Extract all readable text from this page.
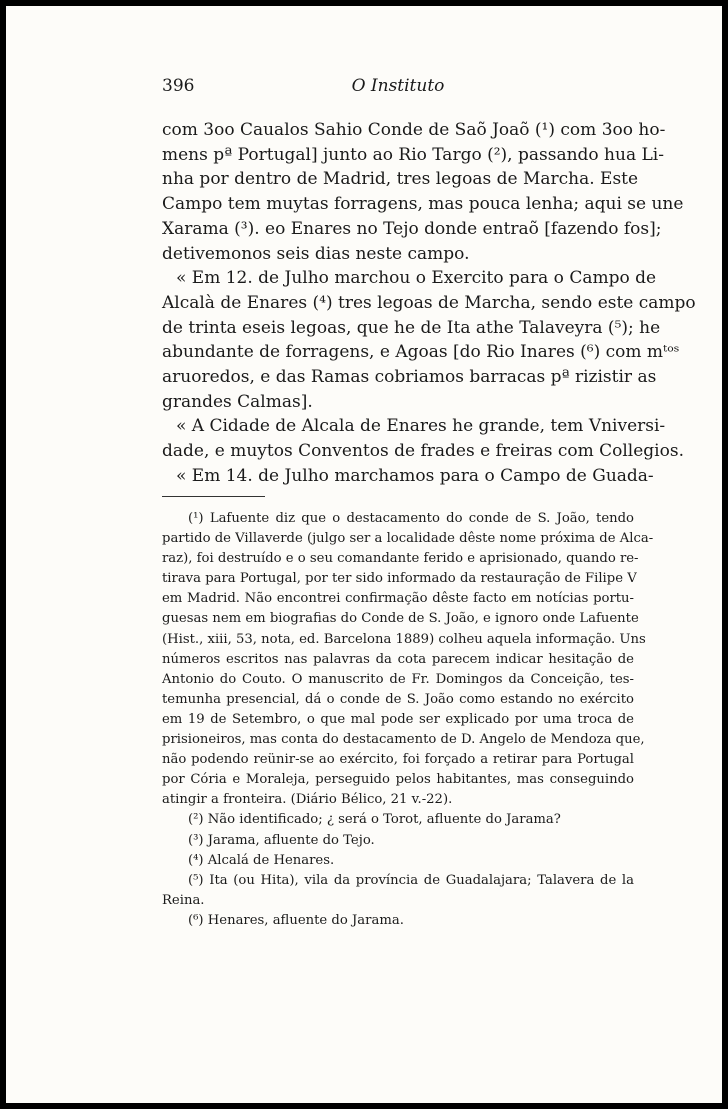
396	O Instituto
com 3oo Caualos Sahio Conde de Saõ Joaõ (¹) com 3oo ho-
mens pª Portugal] junto ao Rio Targo (²), passando hua Li-
nha por dentro de Madrid, tres legoas de Marcha. Este
Campo tem muytas forragens, mas pouca lenha; aqui se une
Xarama (³). eo Enares no Tejo donde entraõ [fazendo fos];
detivemonos seis dias neste campo.
« Em 12. de Julho marchou o Exercito para o Campo de
Alcalà de Enares (⁴) tres legoas de Marcha, sendo este campo
de trinta eseis legoas, que he de Ita athe Talaveyra (⁵); he
abundante de forragens, e Agoas [do Rio Inares (⁶) com mᵗᵒˢ
aruoredos, e das Ramas cobriamos barracas pª rizistir as
grandes Calmas].
« A Cidade de Alcala de Enares he grande, tem Vniversi-
dade, e muytos Conventos de frades e freiras com Collegios.
« Em 14. de Julho marchamos para o Campo de Guada-
(¹) Lafuente diz que o destacamento do conde de S. João, tendo
partido de Villaverde (julgo ser a localidade dêste nome próxima de Alca-
raz), foi destruído e o seu comandante ferido e aprisionado, quando re-
tirava para Portugal, por ter sido informado da restauração de Filipe V
em Madrid. Não encontrei confirmação dêste facto em notícias portu-
guesas nem em biografias do Conde de S. João, e ignoro onde Lafuente
(Hist., xiii, 53, nota, ed. Barcelona 1889) colheu aquela informação. Uns
números escritos nas palavras da cota parecem indicar hesitação de
Antonio do Couto. O manuscrito de Fr. Domingos da Conceição, tes-
temunha presencial, dá o conde de S. João como estando no exército
em 19 de Setembro, o que mal pode ser explicado por uma troca de
prisioneiros, mas conta do destacamento de D. Angelo de Mendoza que,
não podendo reünir-se ao exército, foi forçado a retirar para Portugal
por Cória e Moraleja, perseguido pelos habitantes, mas conseguindo
atingir a fronteira. (Diário Bélico, 21 v.-22).
(²) Não identificado; ¿ será o Torot, afluente do Jarama?
(³) Jarama, afluente do Tejo.
(⁴) Alcalá de Henares.
(⁵) Ita (ou Hita), vila da província de Guadalajara; Talavera de la
Reina.
(⁶) Henares, afluente do Jarama.
